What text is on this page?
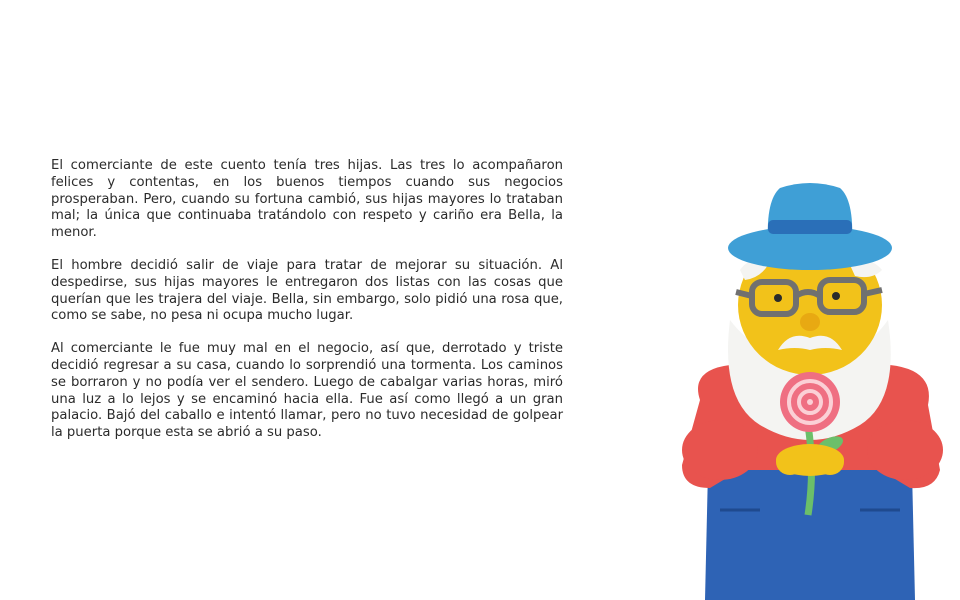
El comerciante de este cuento tenía tres hijas. Las tres lo acompañaron felices y contentas, en los buenos tiempos cuando sus negocios prosperaban. Pero, cuando su fortuna cambió, sus hijas mayores lo trataban mal; la única que continuaba tratándolo con respeto y cariño era Bella, la menor.

El hombre decidió salir de viaje para tratar de mejorar su situación. Al despedirse, sus hijas mayores le entregaron dos listas con las cosas que querían que les trajera del viaje. Bella, sin embargo, solo pidió una rosa que, como se sabe, no pesa ni ocupa mucho lugar.

Al comerciante le fue muy mal en el negocio, así que, derrotado y triste decidió regresar a su casa, cuando lo sorprendió una tormenta. Los caminos se borraron y no podía ver el sendero. Luego de cabalgar varias horas, miró una luz a lo lejos y se encaminó hacia ella. Fue así como llegó a un gran palacio. Bajó del caballo e intentó llamar, pero no tuvo necesidad de golpear la puerta porque esta se abrió a su paso.
